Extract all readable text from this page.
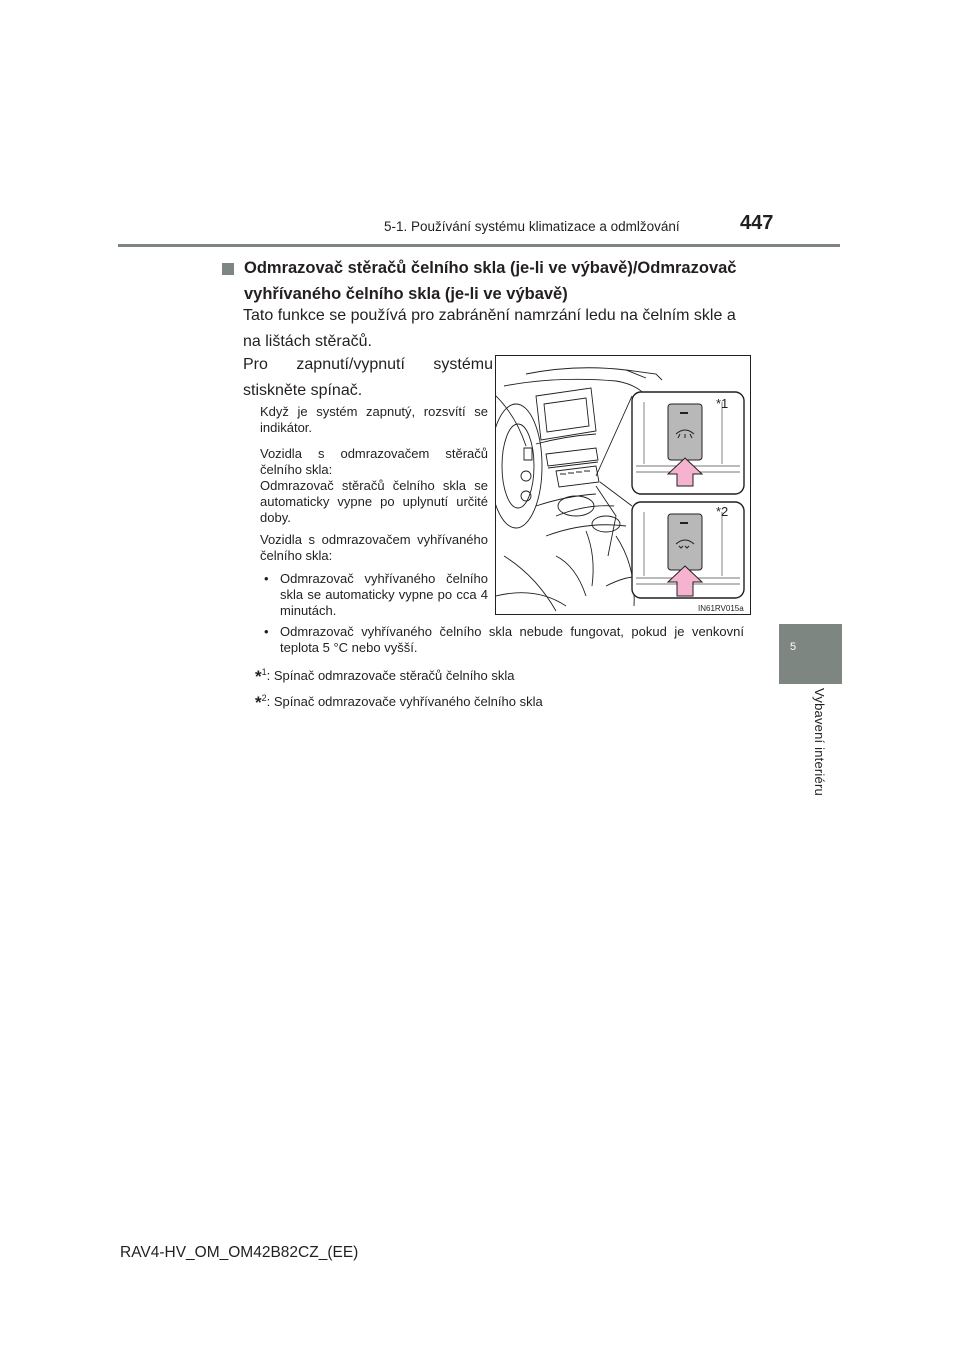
5-1. Používání systému klimatizace a odmlžování	447
5
Vybavení interiéru
Odmrazovač stěračů čelního skla (je-li ve výbavě)/Odmrazovač vyhřívaného čelního skla (je-li ve výbavě)
Tato funkce se používá pro zabránění namrzání ledu na čelním skle a na lištách stěračů.
Pro zapnutí/vypnutí systému stiskněte spínač.
Když je systém zapnutý, rozsvítí se indikátor.
Vozidla s odmrazovačem stěračů čelního skla:
Odmrazovač stěračů čelního skla se automaticky vypne po uplynutí určité doby.
Vozidla s odmrazovačem vyhřívaného čelního skla:
• Odmrazovač vyhřívaného čelního skla se automaticky vypne po cca 4 minutách.
• Odmrazovač vyhřívaného čelního skla nebude fungovat, pokud je venkovní teplota 5 °C nebo vyšší.
*$^1$: Spínač odmrazovače stěračů čelního skla
*$^2$: Spínač odmrazovače vyhřívaného čelního skla
*1
*2
IN61RV015a
RAV4-HV_OM_OM42B82CZ_(EE)
